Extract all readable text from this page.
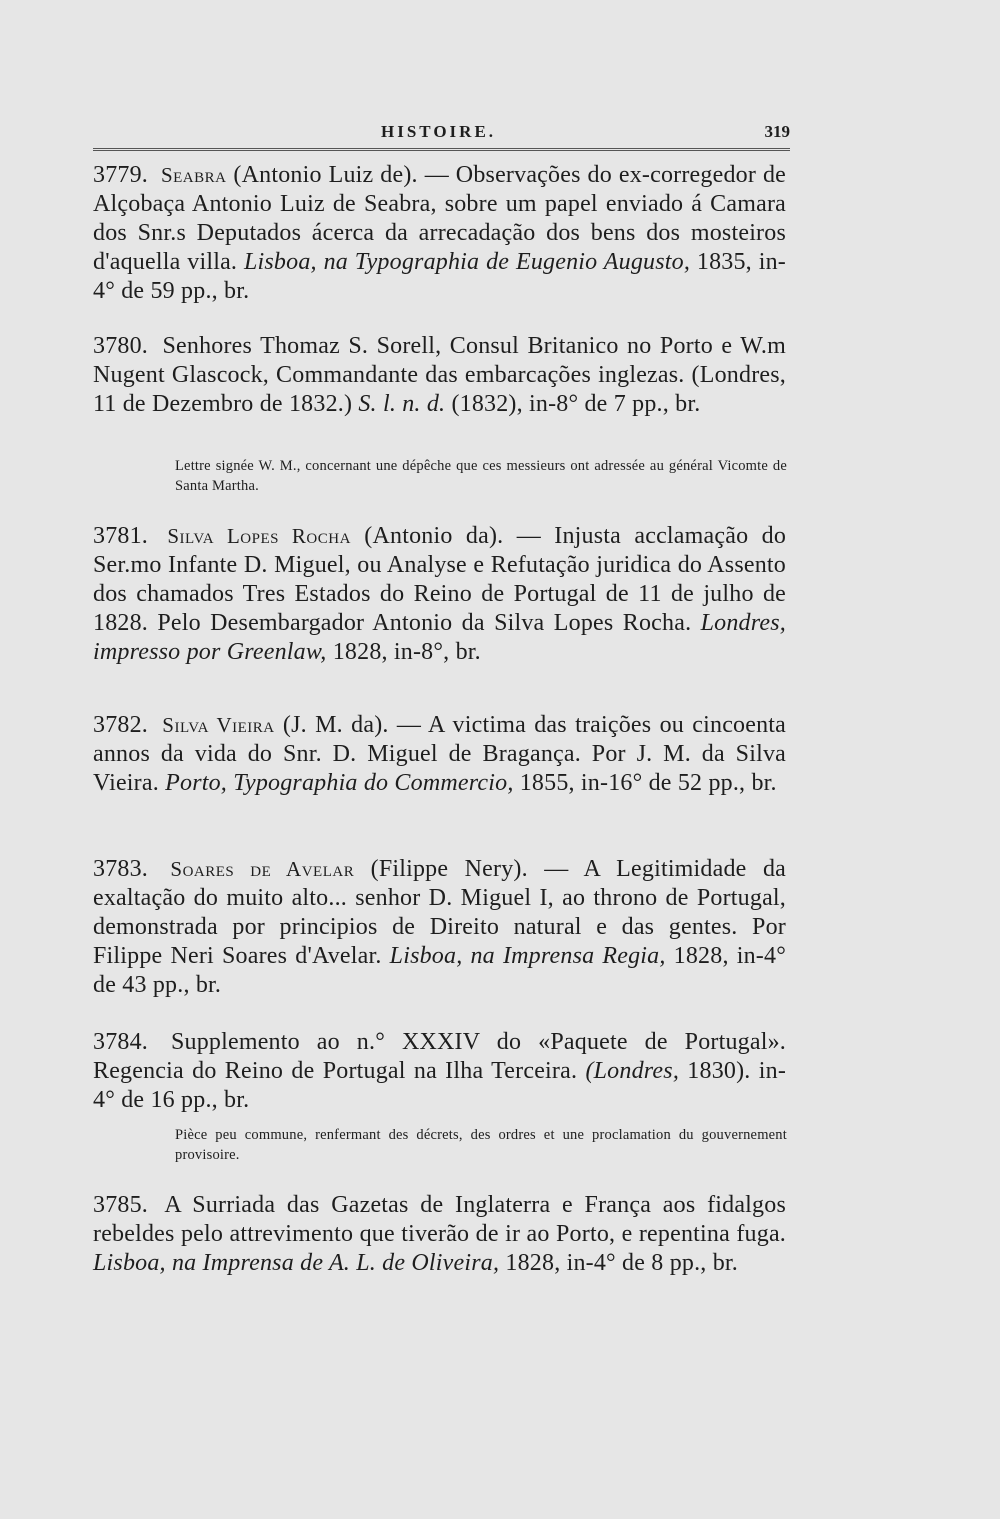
HISTOIRE.	319
3779. Seabra (Antonio Luiz de). — Observações do ex-corregedor de Alçobaça Antonio Luiz de Seabra, sobre um papel enviado á Camara dos Snr.s Deputados ácerca da arrecadação dos bens dos mosteiros d'aquella villa. Lisboa, na Typographia de Eugenio Augusto, 1835, in-4° de 59 pp., br.
3780. Senhores Thomaz S. Sorell, Consul Britanico no Porto e W.m Nugent Glascock, Commandante das embarcações inglezas. (Londres, 11 de Dezembro de 1832.) S. l. n. d. (1832), in-8° de 7 pp., br.
Lettre signée W. M., concernant une dépêche que ces messieurs ont adressée au général Vicomte de Santa Martha.
3781. Silva Lopes Rocha (Antonio da). — Injusta acclamação do Ser.mo Infante D. Miguel, ou Analyse e Refutação juridica do Assento dos chamados Tres Estados do Reino de Portugal de 11 de julho de 1828. Pelo Desembargador Antonio da Silva Lopes Rocha. Londres, impresso por Greenlaw, 1828, in-8°, br.
3782. Silva Vieira (J. M. da). — A victima das traições ou cincoenta annos da vida do Snr. D. Miguel de Bragança. Por J. M. da Silva Vieira. Porto, Typographia do Commercio, 1855, in-16° de 52 pp., br.
3783. Soares de Avelar (Filippe Nery). — A Legitimidade da exaltação do muito alto... senhor D. Miguel I, ao throno de Portugal, demonstrada por principios de Direito natural e das gentes. Por Filippe Neri Soares d'Avelar. Lisboa, na Imprensa Regia, 1828, in-4° de 43 pp., br.
3784. Supplemento ao n.° XXXIV do «Paquete de Portugal». Regencia do Reino de Portugal na Ilha Terceira. (Londres, 1830). in-4° de 16 pp., br.
Pièce peu commune, renfermant des décrets, des ordres et une proclamation du gouvernement provisoire.
3785. A Surriada das Gazetas de Inglaterra e França aos fidalgos rebeldes pelo attrevimento que tiverão de ir ao Porto, e repentina fuga. Lisboa, na Imprensa de A. L. de Oliveira, 1828, in-4° de 8 pp., br.
